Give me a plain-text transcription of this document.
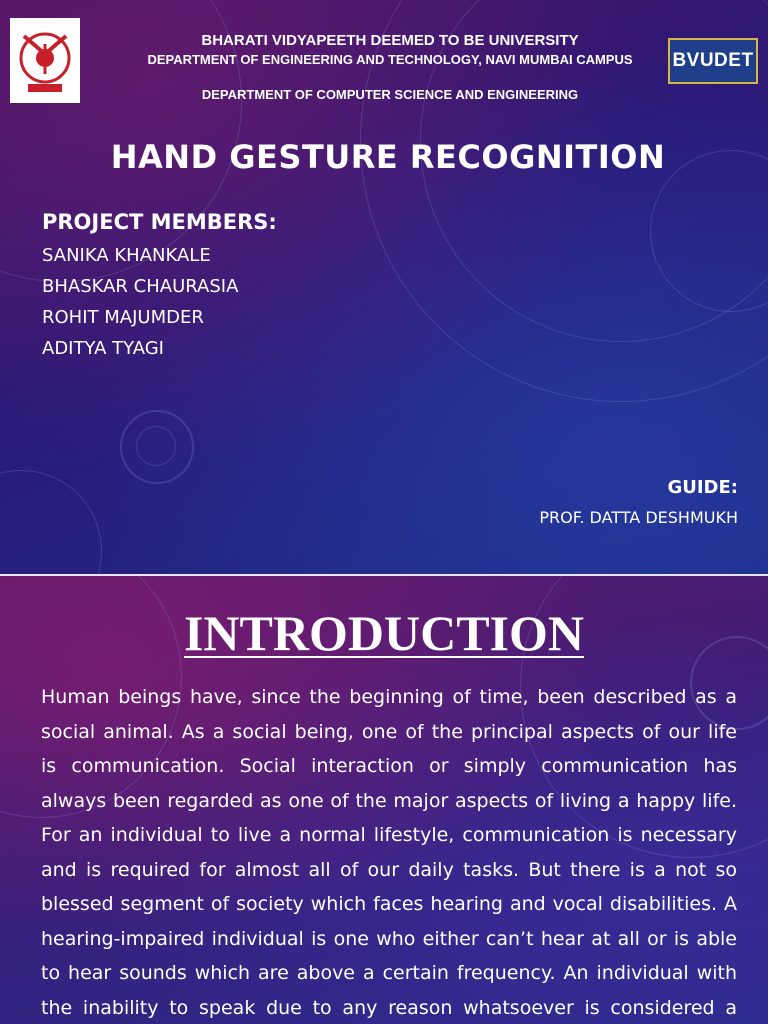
BVUDET
BHARATI VIDYAPEETH DEEMED TO BE UNIVERSITY
DEPARTMENT OF ENGINEERING AND TECHNOLOGY, NAVI MUMBAI CAMPUS
DEPARTMENT OF COMPUTER SCIENCE AND ENGINEERING
HAND GESTURE RECOGNITION
PROJECT MEMBERS:
SANIKA KHANKALE
BHASKAR CHAURASIA
ROHIT MAJUMDER
ADITYA TYAGI
GUIDE:
PROF. DATTA DESHMUKH
INTRODUCTION
Human beings have, since the beginning of time, been described as a
social animal. As a social being, one of the principal aspects of our life
is communication. Social interaction or simply communication has
always been regarded as one of the major aspects of living a happy life.
For an individual to live a normal lifestyle, communication is necessary
and is required for almost all of our daily tasks. But there is a not so
blessed segment of society which faces hearing and vocal disabilities. A
hearing-impaired individual is one who either can’t hear at all or is able
to hear sounds which are above a certain frequency. An individual with
the inability to speak due to any reason whatsoever is considered a
